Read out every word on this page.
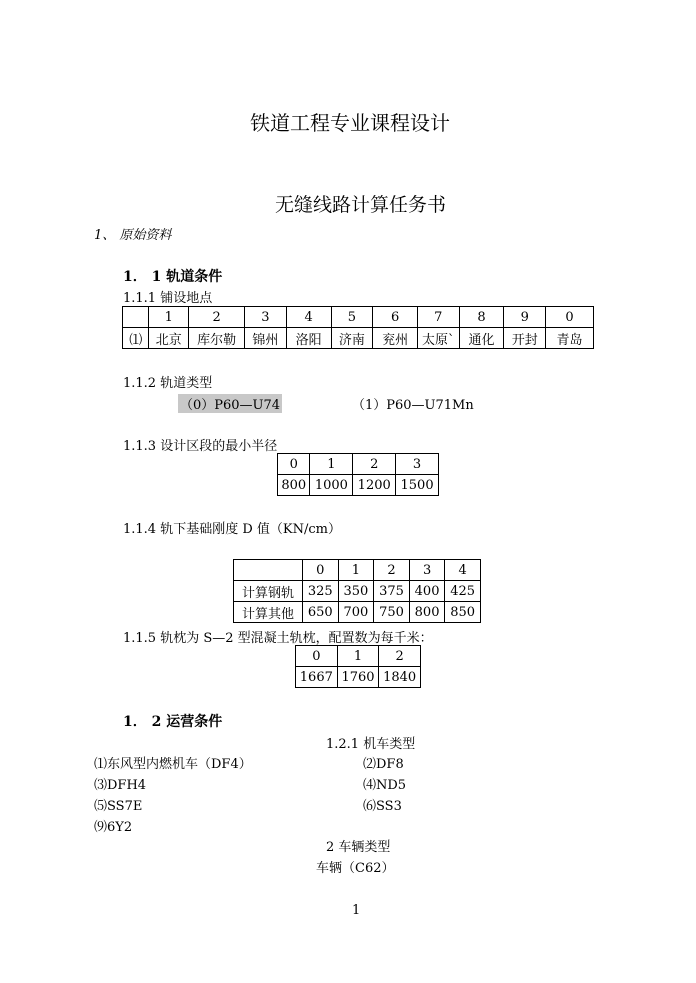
铁道工程专业课程设计
无缝线路计算任务书
1、 原始资料
1． 1 轨道条件
1.1.1 铺设地点
	1	2	3	4	5	6	7	8	9	0
⑴	北京	库尔勒	锦州	洛阳	济南	兖州	太原`	通化	开封	青岛
1.1.2 轨道类型
（0）P60—U74	（1）P60—U71Mn
1.1.3 设计区段的最小半径
0	1	2	3
800	1000	1200	1500
1.1.4 轨下基础刚度 D 值（KN/cm）
	0	1	2	3	4
计算钢轨	325	350	375	400	425
计算其他	650	700	750	800	850
1.1.5 轨枕为 S—2 型混凝土轨枕，配置数为每千米：
0	1	2
1667	1760	1840
1． 2 运营条件
1.2.1 机车类型
⑴东风型内燃机车（DF4）	⑵DF8
⑶DFH4	⑷ND5
⑸SS7E	⑹SS3
⑼6Y2
2 车辆类型
车辆（C62）
1
